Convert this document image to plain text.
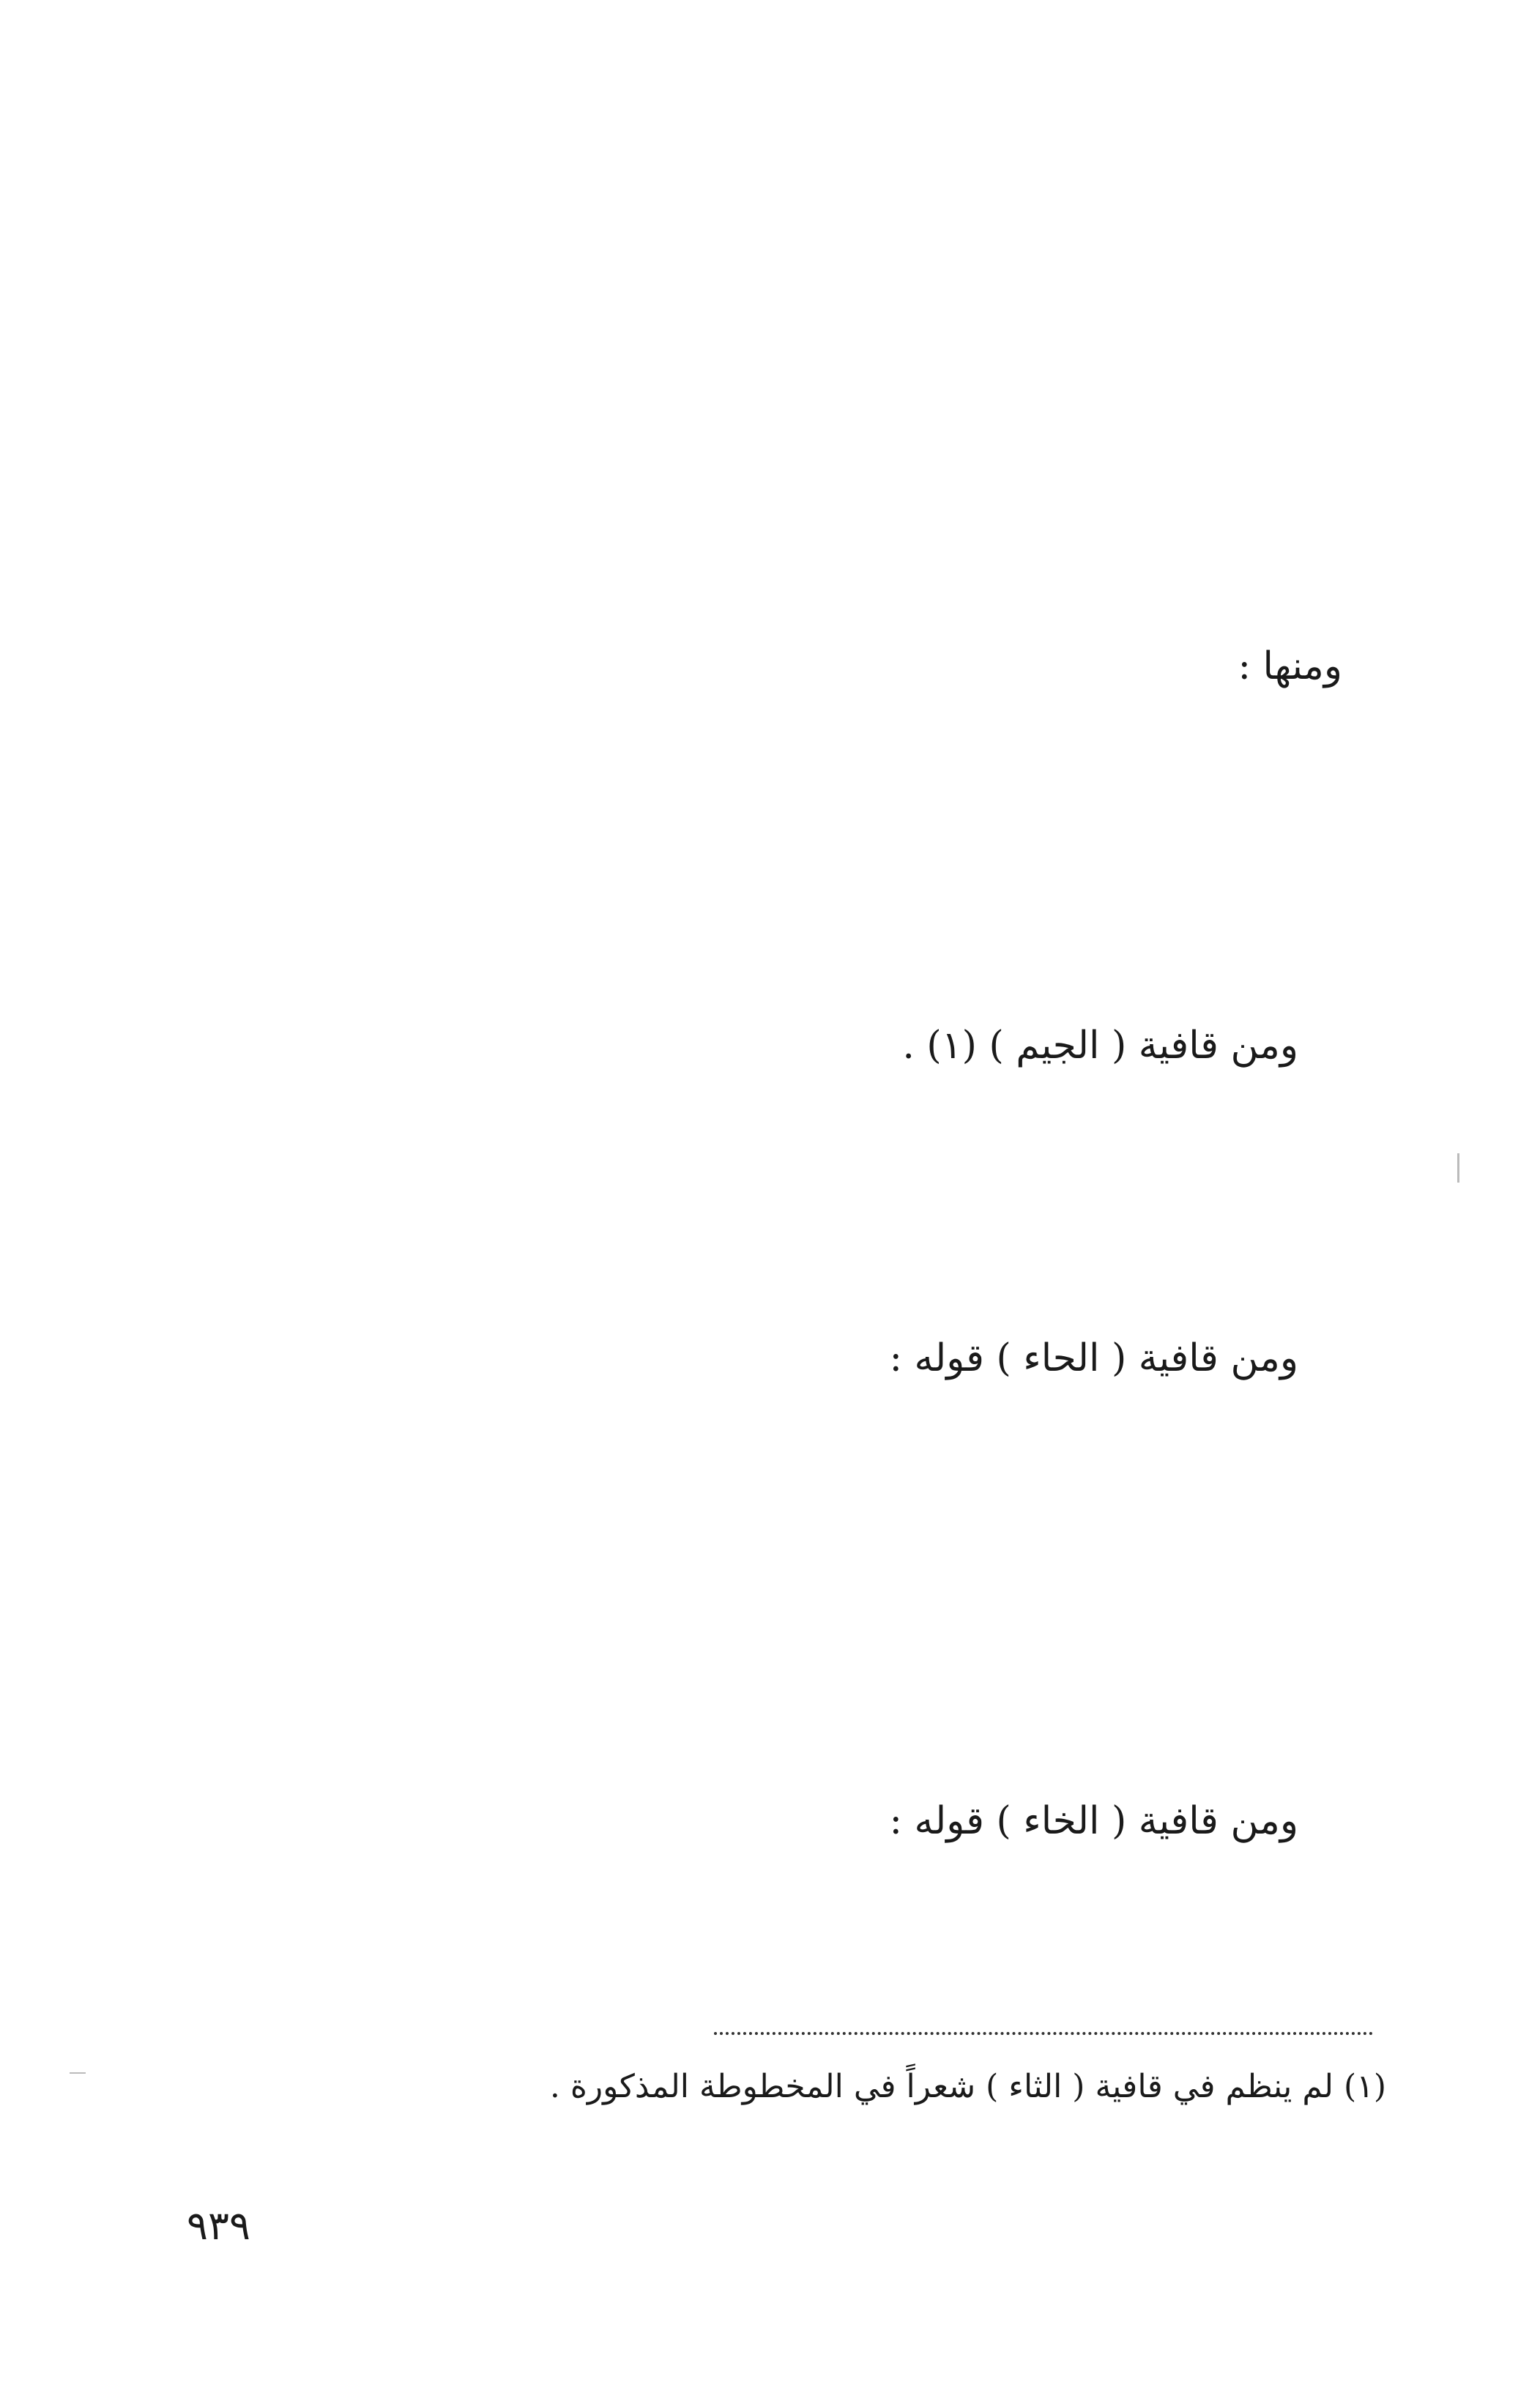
ومنها :
ومن قافية ( الجيم ) (١) .
ومن قافية ( الحاء ) قوله :
ومن قافية ( الخاء ) قوله :
(١) لم ينظم في قافية ( الثاء ) شعراً في المخطوطة المذكورة .
٩٣٩
